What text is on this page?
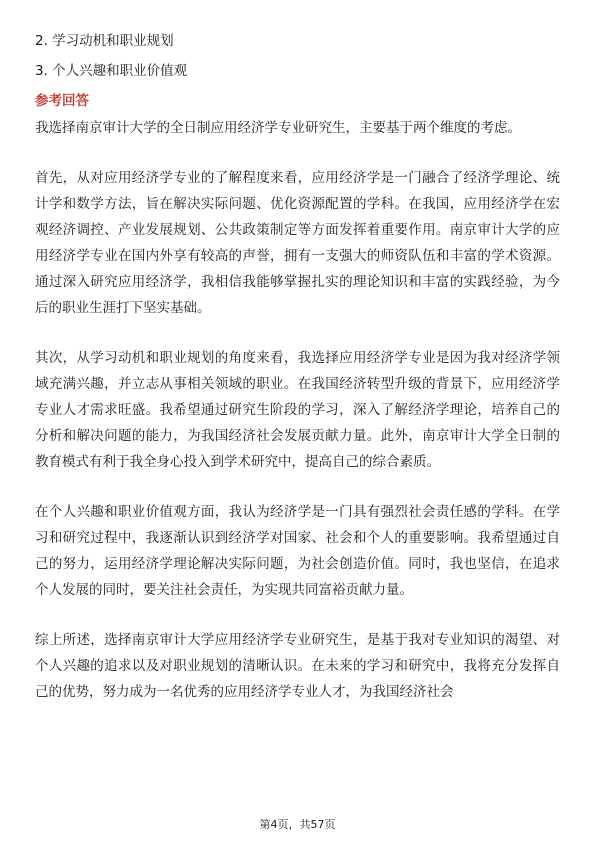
2. 学习动机和职业规划
3. 个人兴趣和职业价值观
参考回答

我选择南京审计大学的全日制应用经济学专业研究生，主要基于两个维度的考虑。

首先，从对应用经济学专业的了解程度来看，应用经济学是一门融合了经济学理论、统计学和数学方法，旨在解决实际问题、优化资源配置的学科。在我国，应用经济学在宏观经济调控、产业发展规划、公共政策制定等方面发挥着重要作用。南京审计大学的应用经济学专业在国内外享有较高的声誉，拥有一支强大的师资队伍和丰富的学术资源。通过深入研究应用经济学，我相信我能够掌握扎实的理论知识和丰富的实践经验，为今后的职业生涯打下坚实基础。

其次，从学习动机和职业规划的角度来看，我选择应用经济学专业是因为我对经济学领域充满兴趣，并立志从事相关领域的职业。在我国经济转型升级的背景下，应用经济学专业人才需求旺盛。我希望通过研究生阶段的学习，深入了解经济学理论，培养自己的分析和解决问题的能力，为我国经济社会发展贡献力量。此外，南京审计大学全日制的教育模式有利于我全身心投入到学术研究中，提高自己的综合素质。

在个人兴趣和职业价值观方面，我认为经济学是一门具有强烈社会责任感的学科。在学习和研究过程中，我逐渐认识到经济学对国家、社会和个人的重要影响。我希望通过自己的努力，运用经济学理论解决实际问题，为社会创造价值。同时，我也坚信，在追求个人发展的同时，要关注社会责任，为实现共同富裕贡献力量。

综上所述，选择南京审计大学应用经济学专业研究生，是基于我对专业知识的渴望、对个人兴趣的追求以及对职业规划的清晰认识。在未来的学习和研究中，我将充分发挥自己的优势，努力成为一名优秀的应用经济学专业人才，为我国经济社会

第4页，共57页
